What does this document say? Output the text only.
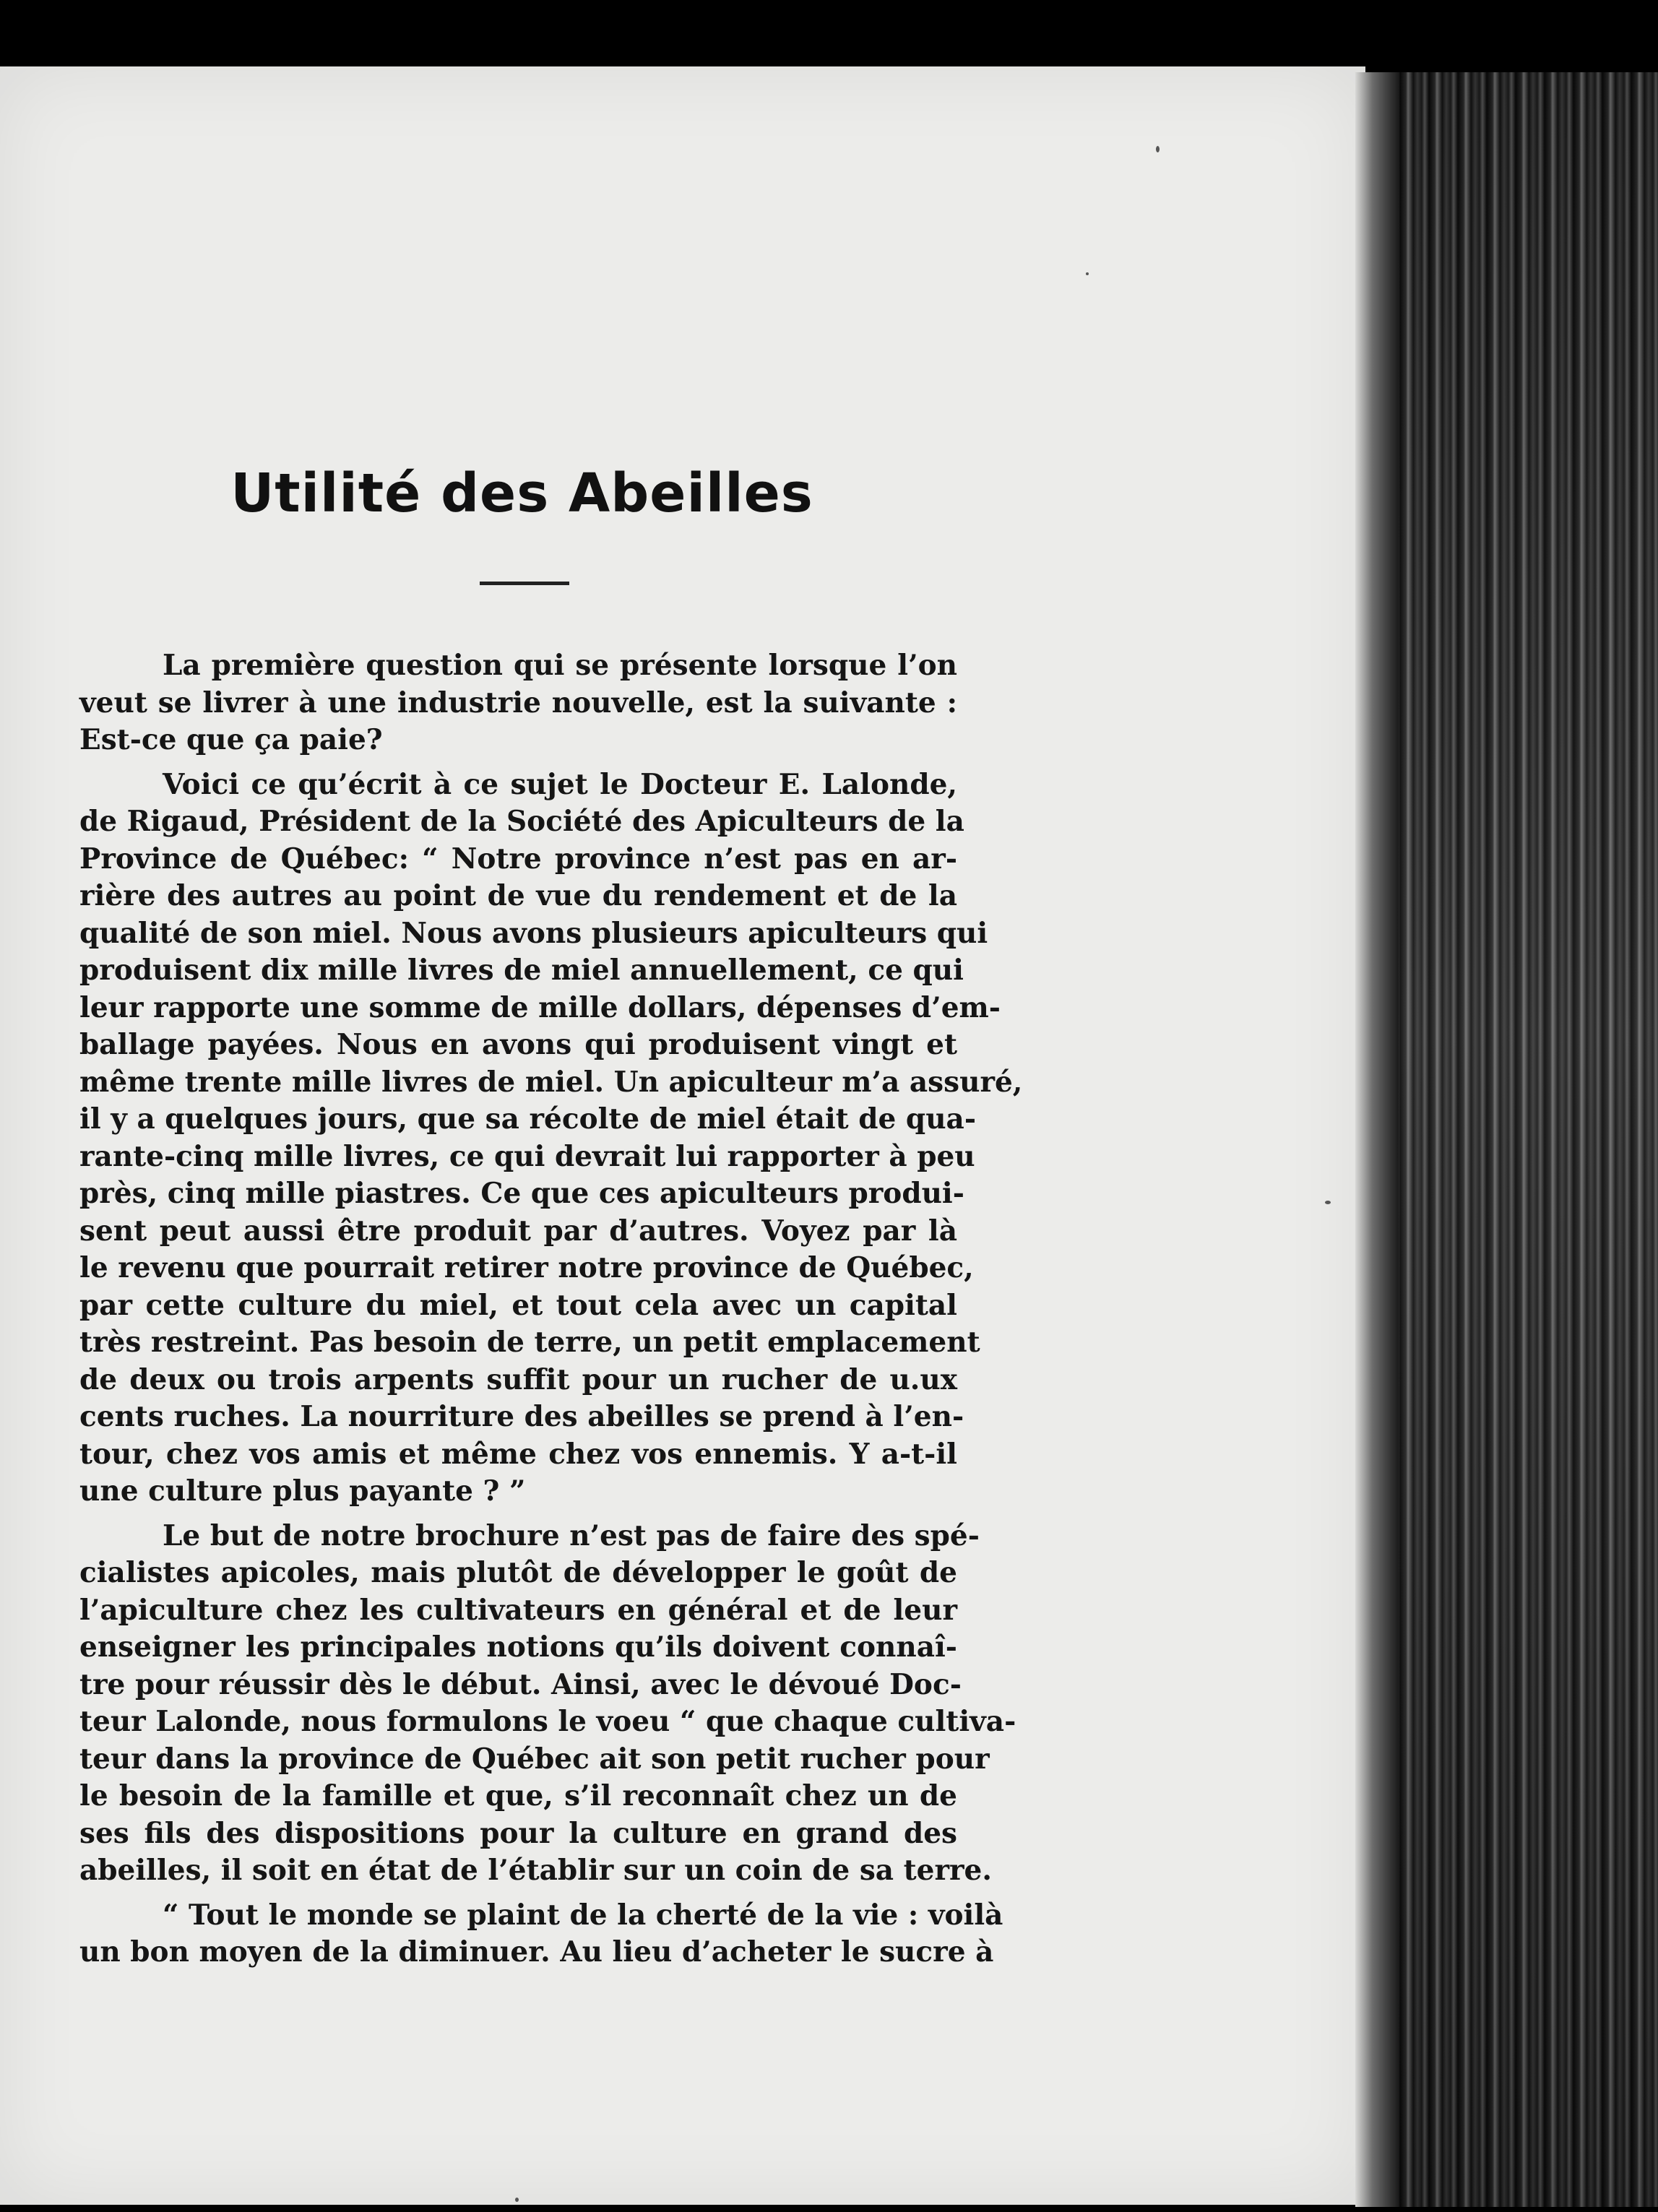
Utilité des Abeilles
La première question qui se présente lorsque l’on
veut se livrer à une industrie nouvelle, est la suivante :
Est-ce que ça paie?
Voici ce qu’écrit à ce sujet le Docteur E. Lalonde,
de Rigaud, Président de la Société des Apiculteurs de la
Province de Québec: “ Notre province n’est pas en ar-
rière des autres au point de vue du rendement et de la
qualité de son miel. Nous avons plusieurs apiculteurs qui
produisent dix mille livres de miel annuellement, ce qui
leur rapporte une somme de mille dollars, dépenses d’em-
ballage payées. Nous en avons qui produisent vingt et
même trente mille livres de miel. Un apiculteur m’a assuré,
il y a quelques jours, que sa récolte de miel était de qua-
rante-cinq mille livres, ce qui devrait lui rapporter à peu
près, cinq mille piastres. Ce que ces apiculteurs produi-
sent peut aussi être produit par d’autres. Voyez par là
le revenu que pourrait retirer notre province de Québec,
par cette culture du miel, et tout cela avec un capital
très restreint. Pas besoin de terre, un petit emplacement
de deux ou trois arpents suffit pour un rucher de u.ux
cents ruches. La nourriture des abeilles se prend à l’en-
tour, chez vos amis et même chez vos ennemis. Y a-t-il
une culture plus payante ? ”
Le but de notre brochure n’est pas de faire des spé-
cialistes apicoles, mais plutôt de développer le goût de
l’apiculture chez les cultivateurs en général et de leur
enseigner les principales notions qu’ils doivent connaî-
tre pour réussir dès le début. Ainsi, avec le dévoué Doc-
teur Lalonde, nous formulons le voeu “ que chaque cultiva-
teur dans la province de Québec ait son petit rucher pour
le besoin de la famille et que, s’il reconnaît chez un de
ses fils des dispositions pour la culture en grand des
abeilles, il soit en état de l’établir sur un coin de sa terre.
“ Tout le monde se plaint de la cherté de la vie : voilà
un bon moyen de la diminuer. Au lieu d’acheter le sucre à
